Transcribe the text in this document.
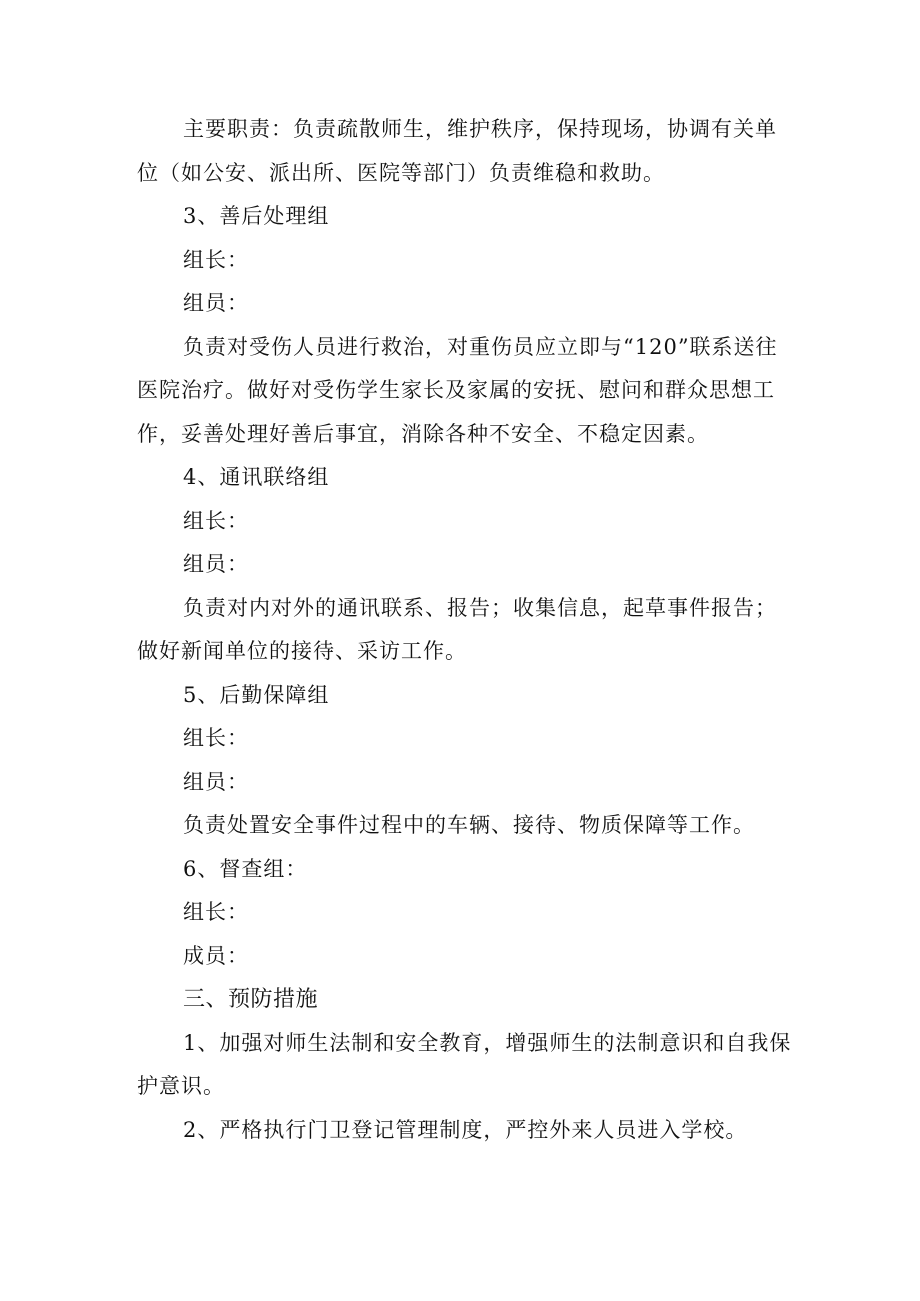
主要职责：负责疏散师生，维护秩序，保持现场，协调有关单位（如公安、派出所、医院等部门）负责维稳和救助。

3、善后处理组

组长：

组员：

负责对受伤人员进行救治，对重伤员应立即与“120”联系送往医院治疗。做好对受伤学生家长及家属的安抚、慰问和群众思想工作，妥善处理好善后事宜，消除各种不安全、不稳定因素。

4、通讯联络组

组长：

组员：

负责对内对外的通讯联系、报告；收集信息，起草事件报告；做好新闻单位的接待、采访工作。

5、后勤保障组

组长：

组员：

负责处置安全事件过程中的车辆、接待、物质保障等工作。

6、督查组：

组长：

成员：

三、预防措施

1、加强对师生法制和安全教育，增强师生的法制意识和自我保护意识。

2、严格执行门卫登记管理制度，严控外来人员进入学校。
